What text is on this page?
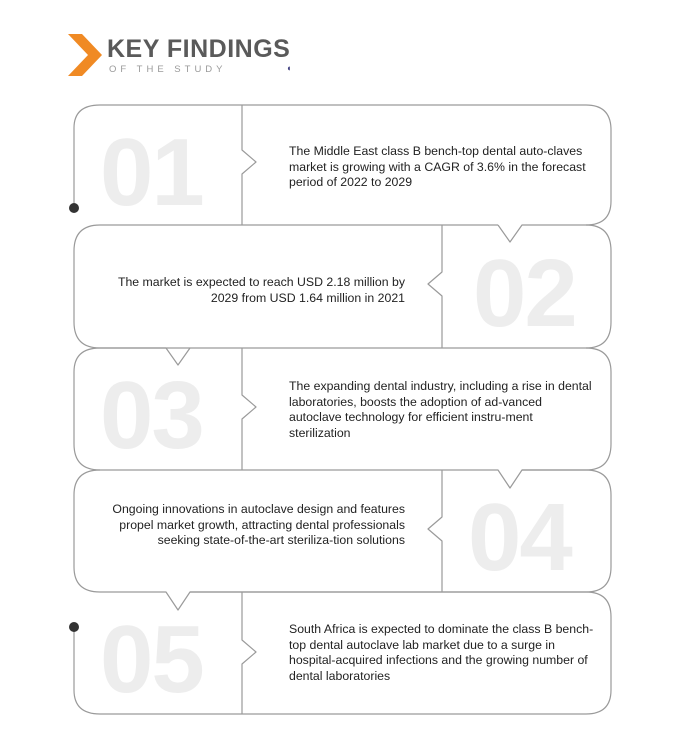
KEY FINDINGS
OF THE STUDY	◖
01
02
03
04
05

The Middle East class B bench-top dental auto-claves market is growing with a CAGR of 3.6% in the forecast period of 2022 to 2029

The market is expected to reach USD 2.18 million by 2029 from USD 1.64 million in 2021

The expanding dental industry, including a rise in dental laboratories, boosts the adoption of ad-vanced autoclave technology for efficient instru-ment sterilization

Ongoing innovations in autoclave design and features propel market growth, attracting dental professionals seeking state-of-the-art steriliza-tion solutions

South Africa is expected to dominate the class B bench-top dental autoclave lab market due to a surge in hospital-acquired infections and the growing number of dental laboratories
